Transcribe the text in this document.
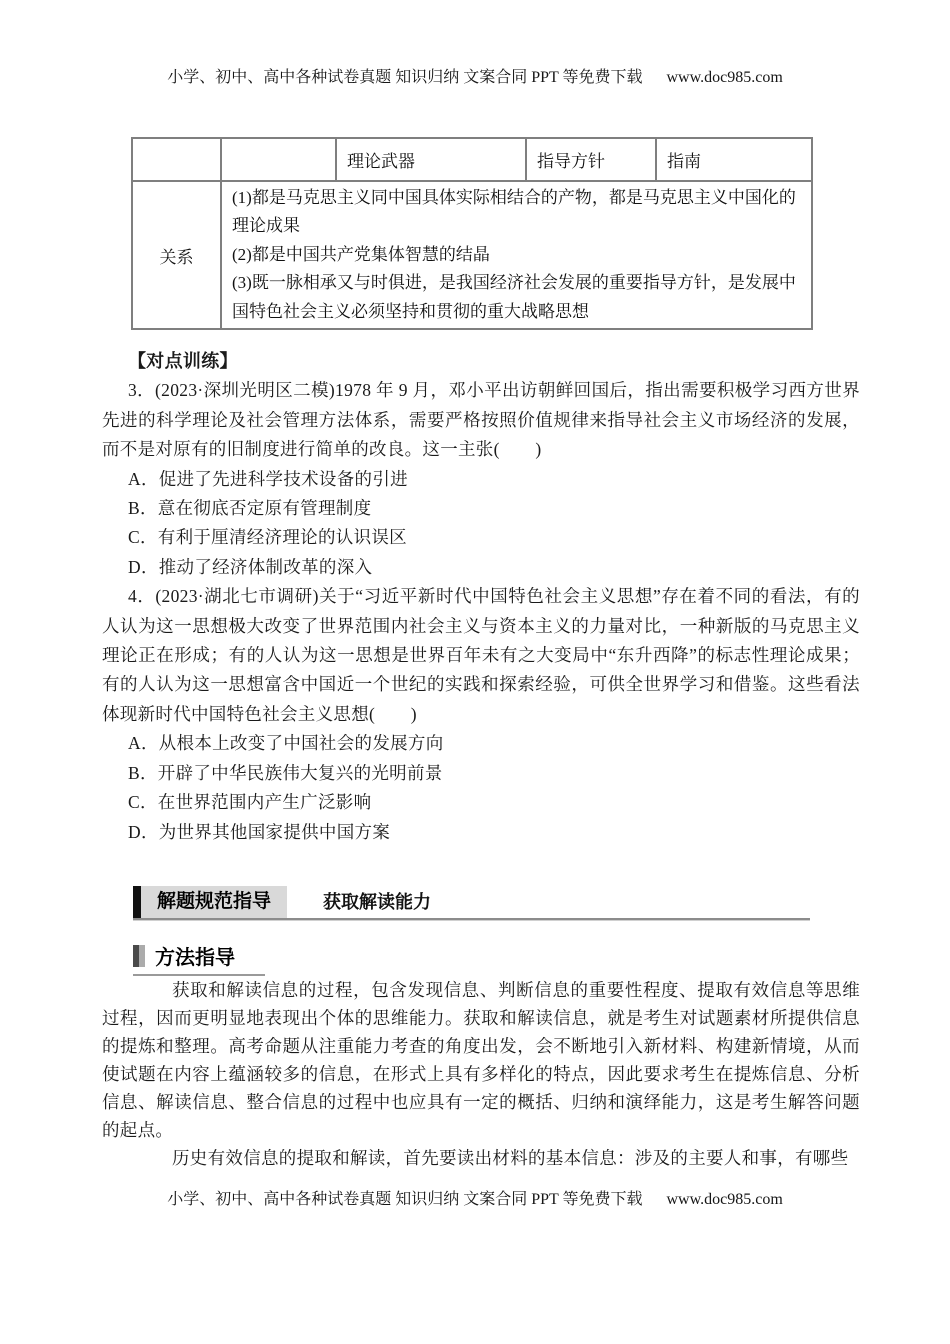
小学、初中、高中各种试卷真题 知识归纳 文案合同 PPT 等免费下载 www.doc985.com
		理论武器	指导方针	指南
关系	(1)都是马克思主义同中国具体实际相结合的产物，都是马克思主义中国化的理论成果
(2)都是中国共产党集体智慧的结晶
(3)既一脉相承又与时俱进，是我国经济社会发展的重要指导方针，是发展中国特色社会主义必须坚持和贯彻的重大战略思想			
【对点训练】
3．(2023·深圳光明区二模)1978 年 9 月，邓小平出访朝鲜回国后，指出需要积极学习西方世界先进的科学理论及社会管理方法体系，需要严格按照价值规律来指导社会主义市场经济的发展，而不是对原有的旧制度进行简单的改良。这一主张(　　)
A．促进了先进科学技术设备的引进
B．意在彻底否定原有管理制度
C．有利于厘清经济理论的认识误区
D．推动了经济体制改革的深入
4．(2023·湖北七市调研)关于“习近平新时代中国特色社会主义思想”存在着不同的看法，有的人认为这一思想极大改变了世界范围内社会主义与资本主义的力量对比，一种新版的马克思主义理论正在形成；有的人认为这一思想是世界百年未有之大变局中“东升西降”的标志性理论成果；有的人认为这一思想富含中国近一个世纪的实践和探索经验，可供全世界学习和借鉴。这些看法体现新时代中国特色社会主义思想(　　)
A．从根本上改变了中国社会的发展方向
B．开辟了中华民族伟大复兴的光明前景
C．在世界范围内产生广泛影响
D．为世界其他国家提供中国方案
解题规范指导	获取解读能力
方法指导
获取和解读信息的过程，包含发现信息、判断信息的重要性程度、提取有效信息等思维过程，因而更明显地表现出个体的思维能力。获取和解读信息，就是考生对试题素材所提供信息的提炼和整理。高考命题从注重能力考查的角度出发，会不断地引入新材料、构建新情境，从而使试题在内容上蕴涵较多的信息，在形式上具有多样化的特点，因此要求考生在提炼信息、分析信息、解读信息、整合信息的过程中也应具有一定的概括、归纳和演绎能力，这是考生解答问题的起点。
历史有效信息的提取和解读，首先要读出材料的基本信息：涉及的主要人和事，有哪些
小学、初中、高中各种试卷真题 知识归纳 文案合同 PPT 等免费下载 www.doc985.com
